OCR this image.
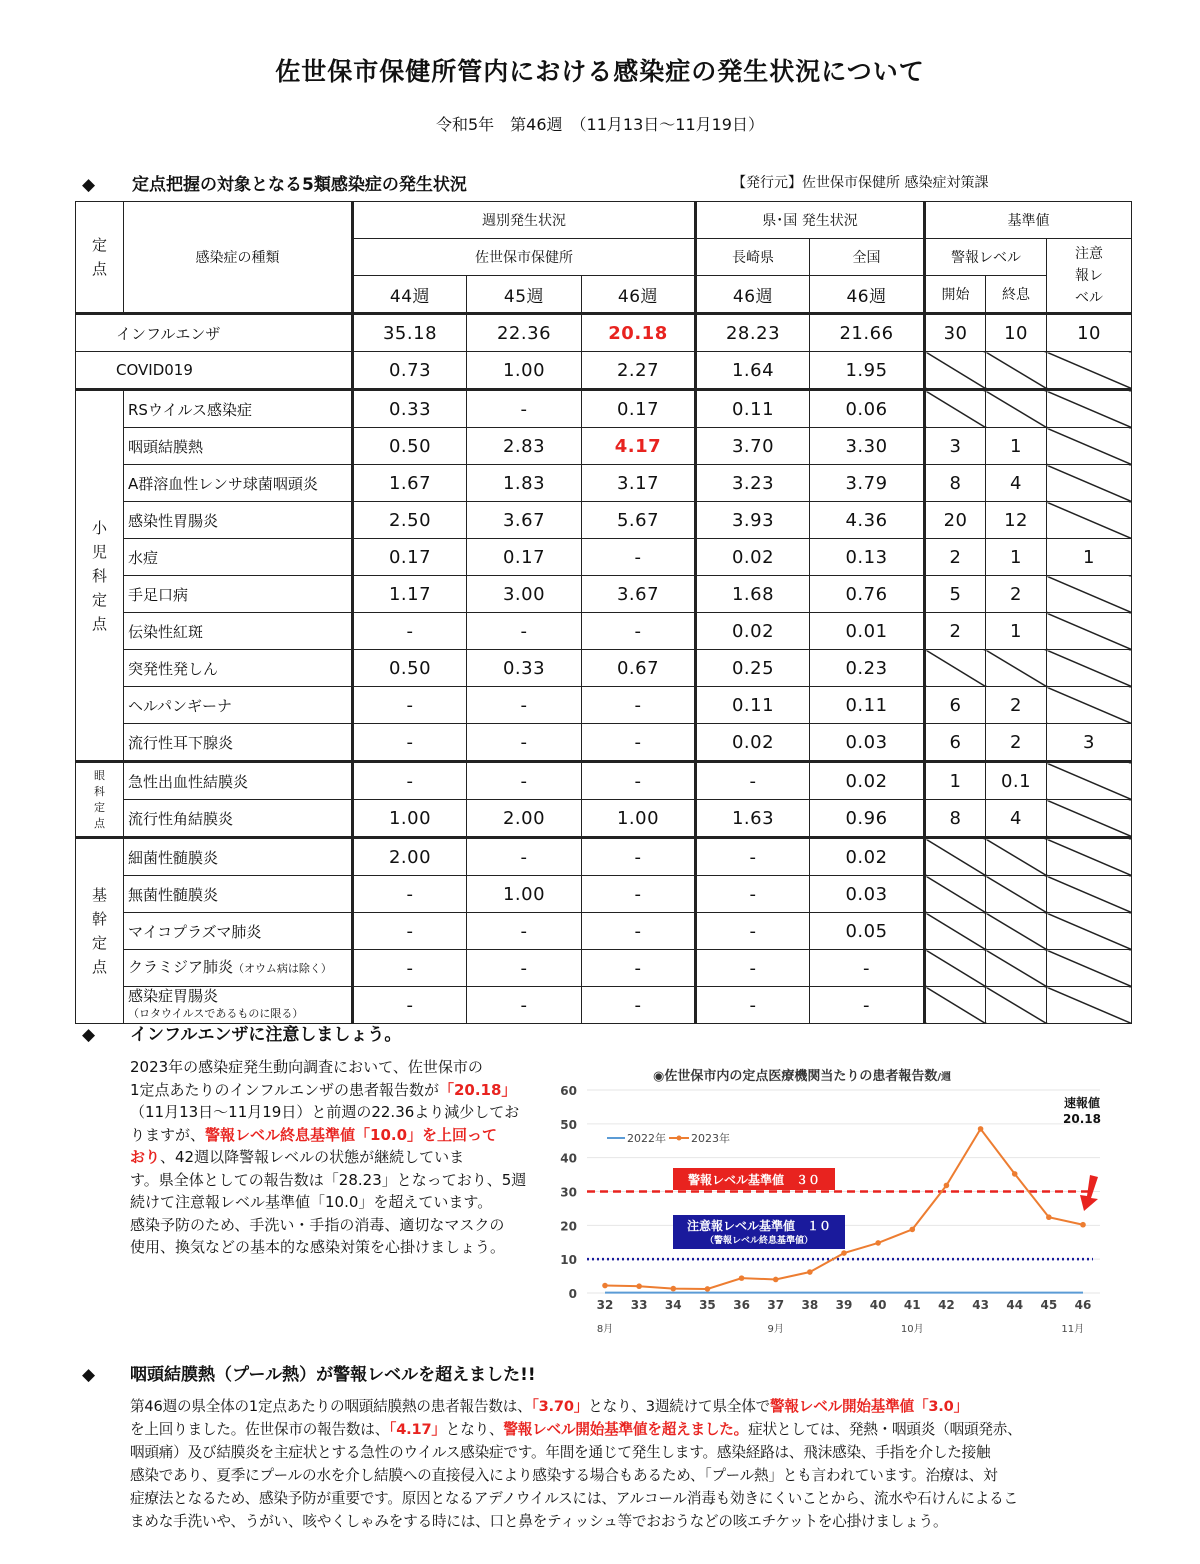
佐世保市保健所管内における感染症の発生状況について
令和5年　第46週　（11月13日～11月19日）
◆ 定点把握の対象となる5類感染症の発生状況	【発行元】佐世保市保健所 感染症対策課
定点	感染症の種類	週別発生状況			県･国 発生状況		基準値		
		佐世保市保健所			長崎県	全国	警報レベル		注意報レベル

		44週	45週	46週	46週	46週	開始	終息	
インフルエンザ		35.18	22.36	20.18	28.23	21.66	30	10	10
COVID019		0.73	1.00	2.27	1.64	1.95			

小児科定点	RSウイルス感染症	0.33	-	0.17	0.11	0.06			
	咽頭結膜熱	0.50	2.83	4.17	3.70	3.30	3	1	
	A群溶血性レンサ球菌咽頭炎	1.67	1.83	3.17	3.23	3.79	8	4	
	感染性胃腸炎	2.50	3.67	5.67	3.93	4.36	20	12	
	水痘	0.17	0.17	-	0.02	0.13	2	1	1
	手足口病	1.17	3.00	3.67	1.68	0.76	5	2	
	伝染性紅斑	-	-	-	0.02	0.01	2	1	
	突発性発しん	0.50	0.33	0.67	0.25	0.23			
	ヘルパンギーナ	-	-	-	0.11	0.11	6	2	
	流行性耳下腺炎	-	-	-	0.02	0.03	6	2	3

眼科定点	急性出血性結膜炎	-	-	-	-	0.02	1	0.1	
	流行性角結膜炎	1.00	2.00	1.00	1.63	0.96	8	4	

基幹定点	細菌性髄膜炎	2.00	-	-	-	0.02			
	無菌性髄膜炎	-	1.00	-	-	0.03			
	マイコプラズマ肺炎	-	-	-	-	0.05			
	クラミジア肺炎（オウム病は除く）	-	-	-	-	-			
	感染症胃腸炎
（ロタウイルスであるものに限る）	-	-	-	-	-			
◆ インフルエンザに注意しましょう。
2023年の感染症発生動向調査において、佐世保市の
1定点あたりのインフルエンザの患者報告数が「20.18」
（11月13日～11月19日）と前週の22.36より減少してお
りますが、警報レベル終息基準値「10.0」を上回って
おり、42週以降警報レベルの状態が継続していま
す。県全体としての報告数は「28.23」となっており、5週
続けて注意報レベル基準値「10.0」を超えています。
感染予防のため、手洗い・手指の消毒、適切なマスクの
使用、換気などの基本的な感染対策を心掛けましょう。
◉佐世保市内の定点医療機関当たりの患者報告数/週
0
10
20
30
40
50
60
32 33 34 35 36 37 38 39 40 41 42 43 44 45 46
8月	9月	10月	11月
警報レベル基準値　３０
注意報レベル基準値　１０
（警報レベル終息基準値）
2022年 2023年
速報値
20.18
◆ 咽頭結膜熱（プール熱）が警報レベルを超えました!!
第46週の県全体の1定点あたりの咽頭結膜熱の患者報告数は、「3.70」となり、3週続けて県全体で警報レベル開始基準値「3.0」
を上回りました。佐世保市の報告数は、「4.17」となり、警報レベル開始基準値を超えました。症状としては、発熱・咽頭炎（咽頭発赤、
咽頭痛）及び結膜炎を主症状とする急性のウイルス感染症です。年間を通じて発生します。感染経路は、飛沫感染、手指を介した接触
感染であり、夏季にプールの水を介し結膜への直接侵入により感染する場合もあるため、「プール熱」とも言われています。治療は、対
症療法となるため、感染予防が重要です。原因となるアデノウイルスには、アルコール消毒も効きにくいことから、流水や石けんによるこ
まめな手洗いや、うがい、咳やくしゃみをする時には、口と鼻をティッシュ等でおおうなどの咳エチケットを心掛けましょう。
